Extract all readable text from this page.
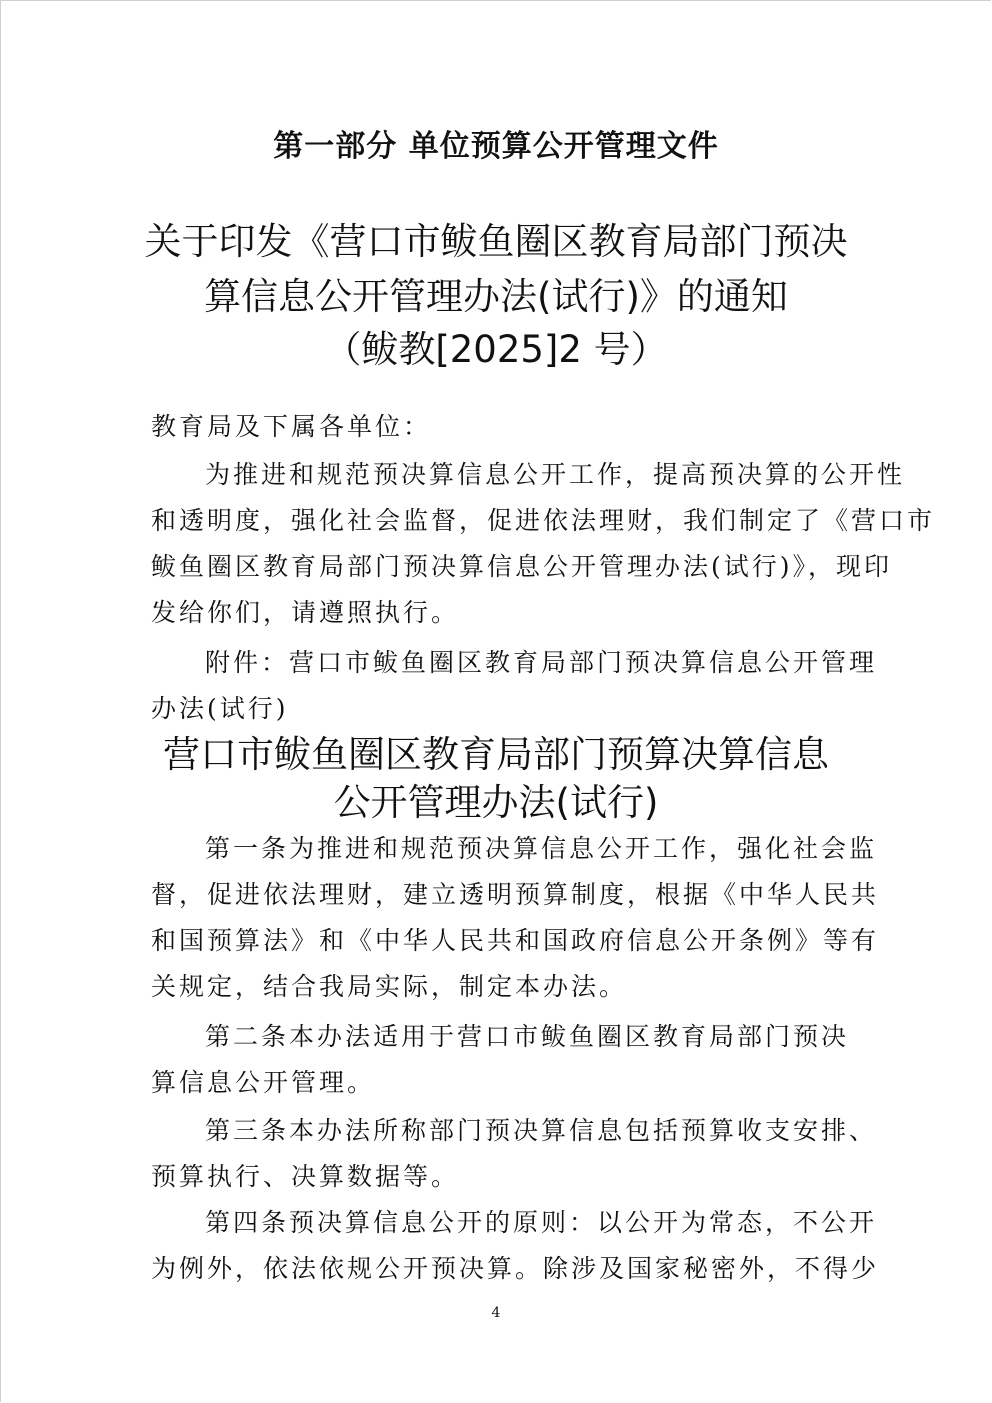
第一部分 单位预算公开管理文件
关于印发《营口市鲅鱼圈区教育局部门预决
算信息公开管理办法(试行)》的通知
（鲅教[2025]2 号）
教育局及下属各单位：
为推进和规范预决算信息公开工作，提高预决算的公开性
和透明度，强化社会监督，促进依法理财，我们制定了《营口市
鲅鱼圈区教育局部门预决算信息公开管理办法(试行)》，现印
发给你们，请遵照执行。
附件：营口市鲅鱼圈区教育局部门预决算信息公开管理
办法(试行)
营口市鲅鱼圈区教育局部门预算决算信息
公开管理办法(试行)
第一条为推进和规范预决算信息公开工作，强化社会监
督，促进依法理财，建立透明预算制度，根据《中华人民共
和国预算法》和《中华人民共和国政府信息公开条例》等有
关规定，结合我局实际，制定本办法。
第二条本办法适用于营口市鲅鱼圈区教育局部门预决
算信息公开管理。
第三条本办法所称部门预决算信息包括预算收支安排、
预算执行、决算数据等。
第四条预决算信息公开的原则：以公开为常态，不公开
为例外，依法依规公开预决算。除涉及国家秘密外，不得少
4
